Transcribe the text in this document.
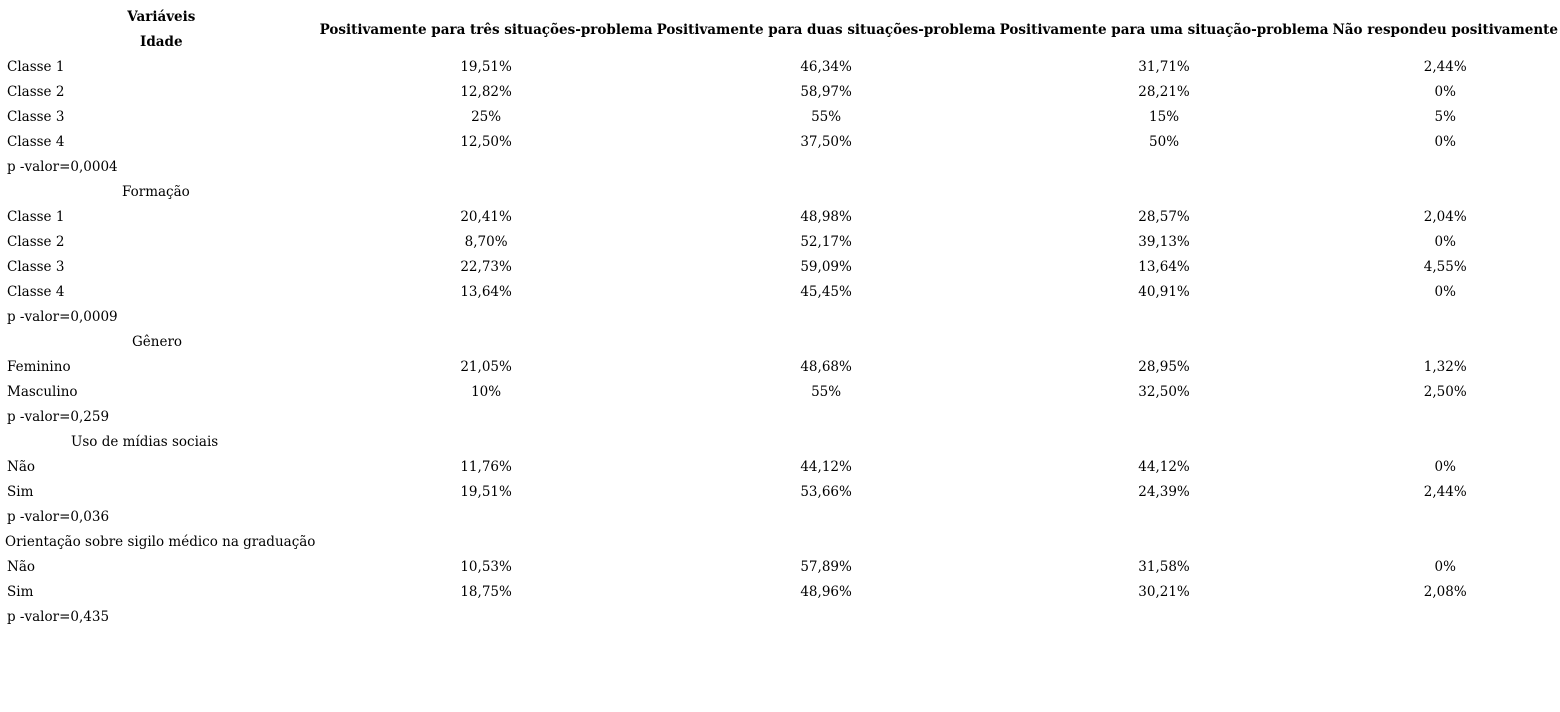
Variáveis
Idade	Positivamente para três situações-problema	Positivamente para duas situações-problema	Positivamente para uma situação-problema	Não respondeu positivamente

Classe 1	19,51%	46,34%	31,71%	2,44%
Classe 2	12,82%	58,97%	28,21%	0%
Classe 3	25%	55%	15%	5%
Classe 4	12,50%	37,50%	50%	0%
p -valor=0,0004				
Formação				
Classe 1	20,41%	48,98%	28,57%	2,04%
Classe 2	8,70%	52,17%	39,13%	0%
Classe 3	22,73%	59,09%	13,64%	4,55%
Classe 4	13,64%	45,45%	40,91%	0%
p -valor=0,0009				
Gênero				
Feminino	21,05%	48,68%	28,95%	1,32%
Masculino	10%	55%	32,50%	2,50%
p -valor=0,259				
Uso de mídias sociais				
Não	11,76%	44,12%	44,12%	0%
Sim	19,51%	53,66%	24,39%	2,44%
p -valor=0,036				
Orientação sobre sigilo médico na graduação				
Não	10,53%	57,89%	31,58%	0%
Sim	18,75%	48,96%	30,21%	2,08%
p -valor=0,435				
